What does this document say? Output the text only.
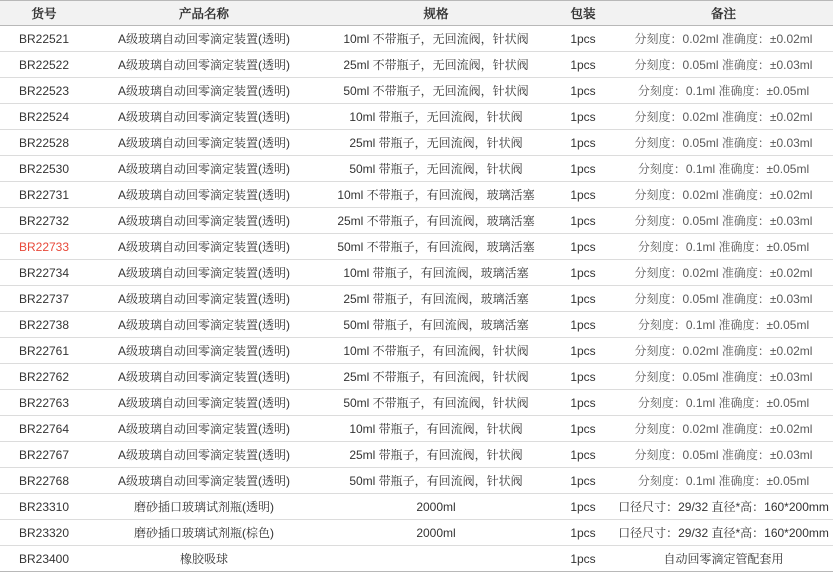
货号	产品名称	规格	包装	备注
BR22521	A级玻璃自动回零滴定装置(透明)	10ml 不带瓶子，无回流阀，针状阀	1pcs	分刻度：0.02ml 准确度：±0.02ml
BR22522	A级玻璃自动回零滴定装置(透明)	25ml 不带瓶子，无回流阀，针状阀	1pcs	分刻度：0.05ml 准确度：±0.03ml
BR22523	A级玻璃自动回零滴定装置(透明)	50ml 不带瓶子，无回流阀，针状阀	1pcs	分刻度：0.1ml 准确度：±0.05ml
BR22524	A级玻璃自动回零滴定装置(透明)	10ml 带瓶子，无回流阀，针状阀	1pcs	分刻度：0.02ml 准确度：±0.02ml
BR22528	A级玻璃自动回零滴定装置(透明)	25ml 带瓶子，无回流阀，针状阀	1pcs	分刻度：0.05ml 准确度：±0.03ml
BR22530	A级玻璃自动回零滴定装置(透明)	50ml 带瓶子，无回流阀，针状阀	1pcs	分刻度：0.1ml 准确度：±0.05ml
BR22731	A级玻璃自动回零滴定装置(透明)	10ml 不带瓶子，有回流阀，玻璃活塞	1pcs	分刻度：0.02ml 准确度：±0.02ml
BR22732	A级玻璃自动回零滴定装置(透明)	25ml 不带瓶子，有回流阀，玻璃活塞	1pcs	分刻度：0.05ml 准确度：±0.03ml
BR22733	A级玻璃自动回零滴定装置(透明)	50ml 不带瓶子，有回流阀，玻璃活塞	1pcs	分刻度：0.1ml 准确度：±0.05ml
BR22734	A级玻璃自动回零滴定装置(透明)	10ml 带瓶子，有回流阀，玻璃活塞	1pcs	分刻度：0.02ml 准确度：±0.02ml
BR22737	A级玻璃自动回零滴定装置(透明)	25ml 带瓶子，有回流阀，玻璃活塞	1pcs	分刻度：0.05ml 准确度：±0.03ml
BR22738	A级玻璃自动回零滴定装置(透明)	50ml 带瓶子，有回流阀，玻璃活塞	1pcs	分刻度：0.1ml 准确度：±0.05ml
BR22761	A级玻璃自动回零滴定装置(透明)	10ml 不带瓶子，有回流阀，针状阀	1pcs	分刻度：0.02ml 准确度：±0.02ml
BR22762	A级玻璃自动回零滴定装置(透明)	25ml 不带瓶子，有回流阀，针状阀	1pcs	分刻度：0.05ml 准确度：±0.03ml
BR22763	A级玻璃自动回零滴定装置(透明)	50ml 不带瓶子，有回流阀，针状阀	1pcs	分刻度：0.1ml 准确度：±0.05ml
BR22764	A级玻璃自动回零滴定装置(透明)	10ml 带瓶子，有回流阀，针状阀	1pcs	分刻度：0.02ml 准确度：±0.02ml
BR22767	A级玻璃自动回零滴定装置(透明)	25ml 带瓶子，有回流阀，针状阀	1pcs	分刻度：0.05ml 准确度：±0.03ml
BR22768	A级玻璃自动回零滴定装置(透明)	50ml 带瓶子，有回流阀，针状阀	1pcs	分刻度：0.1ml 准确度：±0.05ml
BR23310	磨砂插口玻璃试剂瓶(透明)	2000ml	1pcs	口径尺寸：29/32 直径*高：160*200mm
BR23320	磨砂插口玻璃试剂瓶(棕色)	2000ml	1pcs	口径尺寸：29/32 直径*高：160*200mm
BR23400	橡胶吸球		1pcs	自动回零滴定管配套用
